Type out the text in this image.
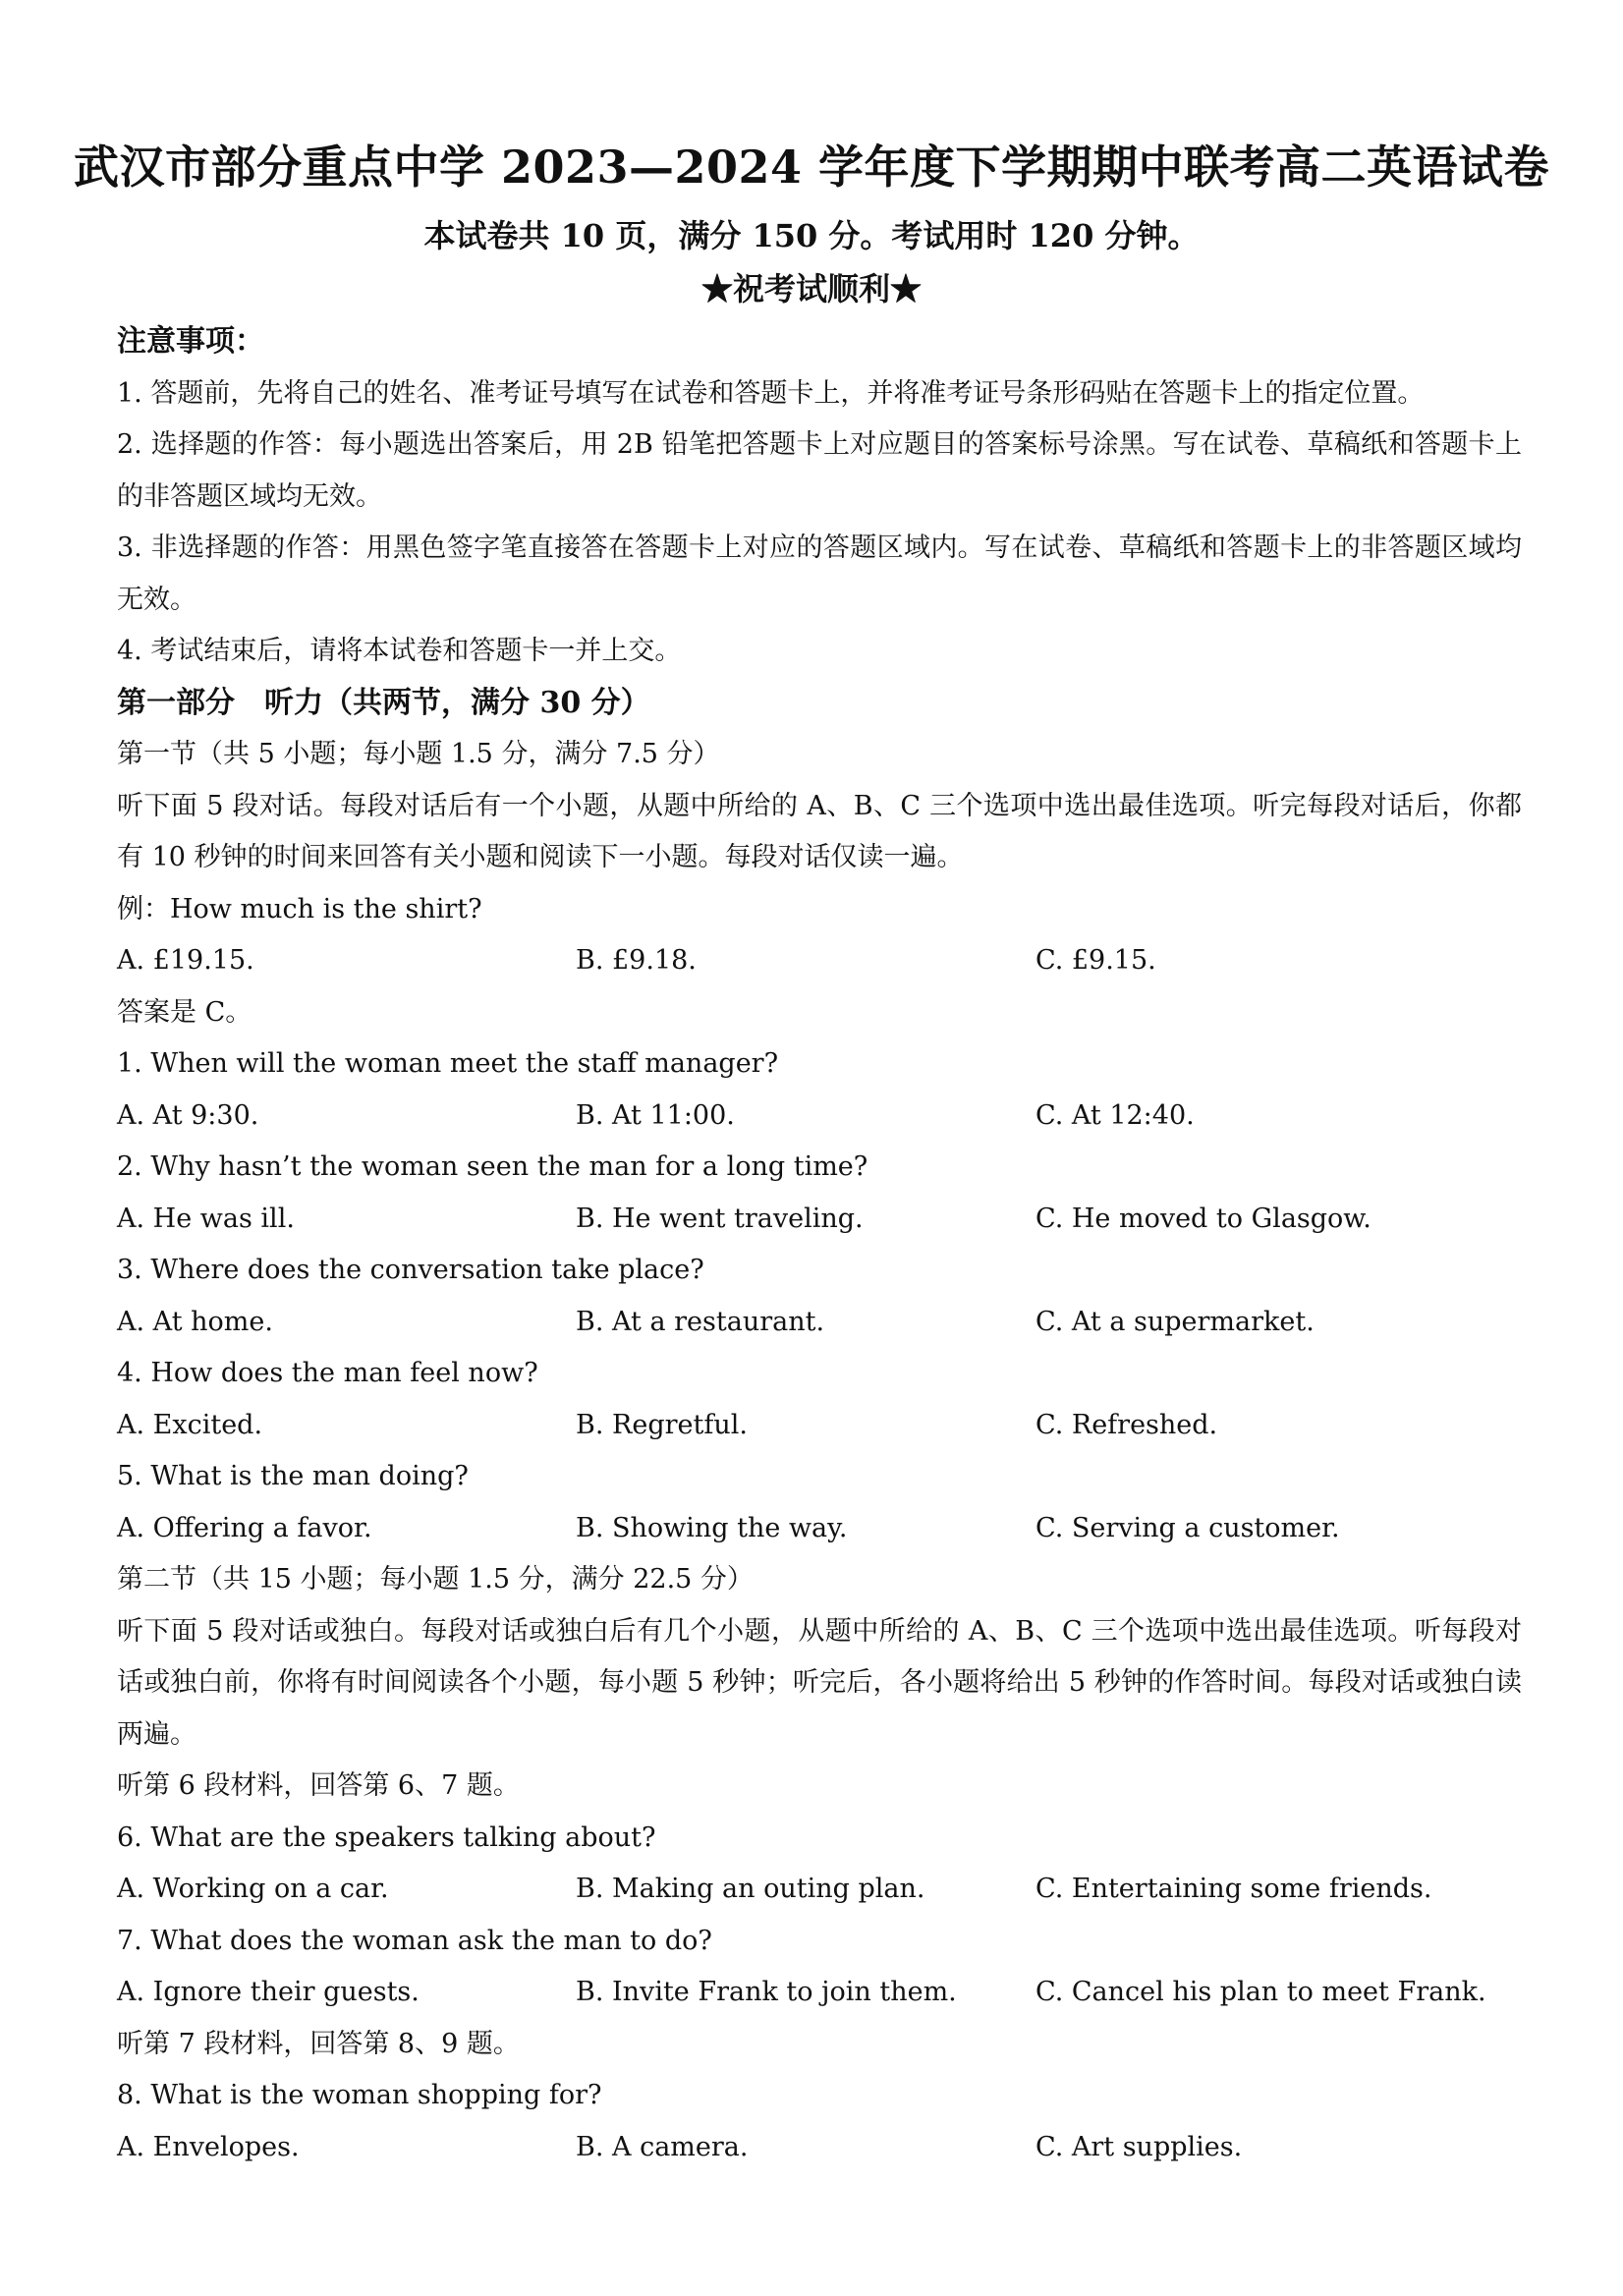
武汉市部分重点中学 2023—2024 学年度下学期期中联考高二英语试卷
本试卷共 10 页，满分 150 分。考试用时 120 分钟。
★祝考试顺利★
注意事项：
1. 答题前，先将自己的姓名、准考证号填写在试卷和答题卡上，并将准考证号条形码贴在答题卡上的指定位置。
2. 选择题的作答：每小题选出答案后，用 2B 铅笔把答题卡上对应题目的答案标号涂黑。写在试卷、草稿纸和答题卡上的非答题区域均无效。
3. 非选择题的作答：用黑色签字笔直接答在答题卡上对应的答题区域内。写在试卷、草稿纸和答题卡上的非答题区域均无效。
4. 考试结束后，请将本试卷和答题卡一并上交。
第一部分　听力（共两节，满分 30 分）
第一节（共 5 小题；每小题 1.5 分，满分 7.5 分）
听下面 5 段对话。每段对话后有一个小题，从题中所给的 A、B、C 三个选项中选出最佳选项。听完每段对话后，你都有 10 秒钟的时间来回答有关小题和阅读下一小题。每段对话仅读一遍。
例：How much is the shirt?
A. £19.15.	B. £9.18.	C. £9.15.
答案是 C。
1. When will the woman meet the staff manager?
A. At 9:30.	B. At 11:00.	C. At 12:40.
2. Why hasn’t the woman seen the man for a long time?
A. He was ill.	B. He went traveling.	C. He moved to Glasgow.
3. Where does the conversation take place?
A. At home.	B. At a restaurant.	C. At a supermarket.
4. How does the man feel now?
A. Excited.	B. Regretful.	C. Refreshed.
5. What is the man doing?
A. Offering a favor.	B. Showing the way.	C. Serving a customer.
第二节（共 15 小题；每小题 1.5 分，满分 22.5 分）
听下面 5 段对话或独白。每段对话或独白后有几个小题，从题中所给的 A、B、C 三个选项中选出最佳选项。听每段对话或独白前，你将有时间阅读各个小题，每小题 5 秒钟；听完后，各小题将给出 5 秒钟的作答时间。每段对话或独白读两遍。
听第 6 段材料，回答第 6、7 题。
6. What are the speakers talking about?
A. Working on a car.	B. Making an outing plan.	C. Entertaining some friends.
7. What does the woman ask the man to do?
A. Ignore their guests.	B. Invite Frank to join them.	C. Cancel his plan to meet Frank.
听第 7 段材料，回答第 8、9 题。
8. What is the woman shopping for?
A. Envelopes.	B. A camera.	C. Art supplies.
